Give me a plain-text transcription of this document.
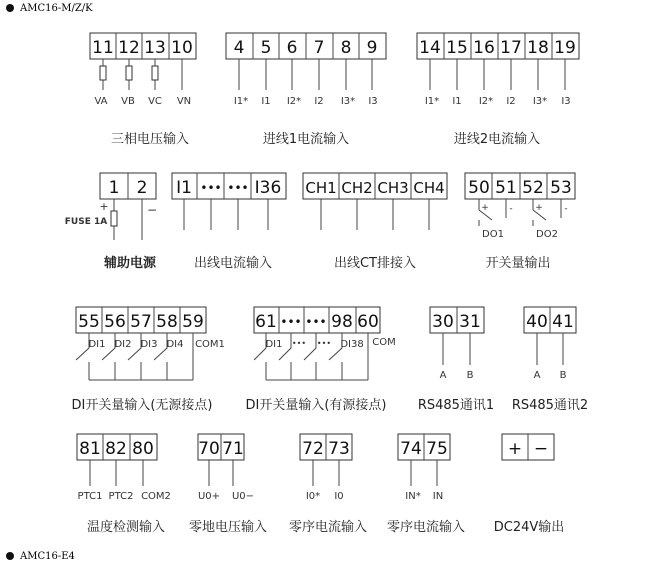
AMC16-M/Z/K
AMC16-E4
11 12 13 10
VA VB VC VN
三相电压输入
4 5 6 7 8 9
I1* I1 I2* I2 I3* I3
进线1电流输入
14 15 16 17 18 19
I1* I1 I2* I2 I3* I3
进线2电流输入
1 2
+	−
FUSE 1A
辅助电源
I1 ••• ••• I36
出线电流输入
CH1 CH2 CH3 CH4
出线CT排接入
50 51 52 53
+ -	+ -
DO1	DO2
开关量输出
55 56 57 58 59
DI1 DI2 DI3 DI4 COM1
DI开关量输入(无源接点)
61 ••• ••• 98 60
DI1 ••• ••• DI38 COM
DI开关量输入(有源接点)
30 31
A B
RS485通讯1
40 41
A B
RS485通讯2
81 82 80
PTC1 PTC2 COM2
温度检测输入
70 71
U0+ U0−
零地电压输入
72 73
I0* I0
零序电流输入
74 75
IN* IN
零序电流输入
+ −
DC24V输出
